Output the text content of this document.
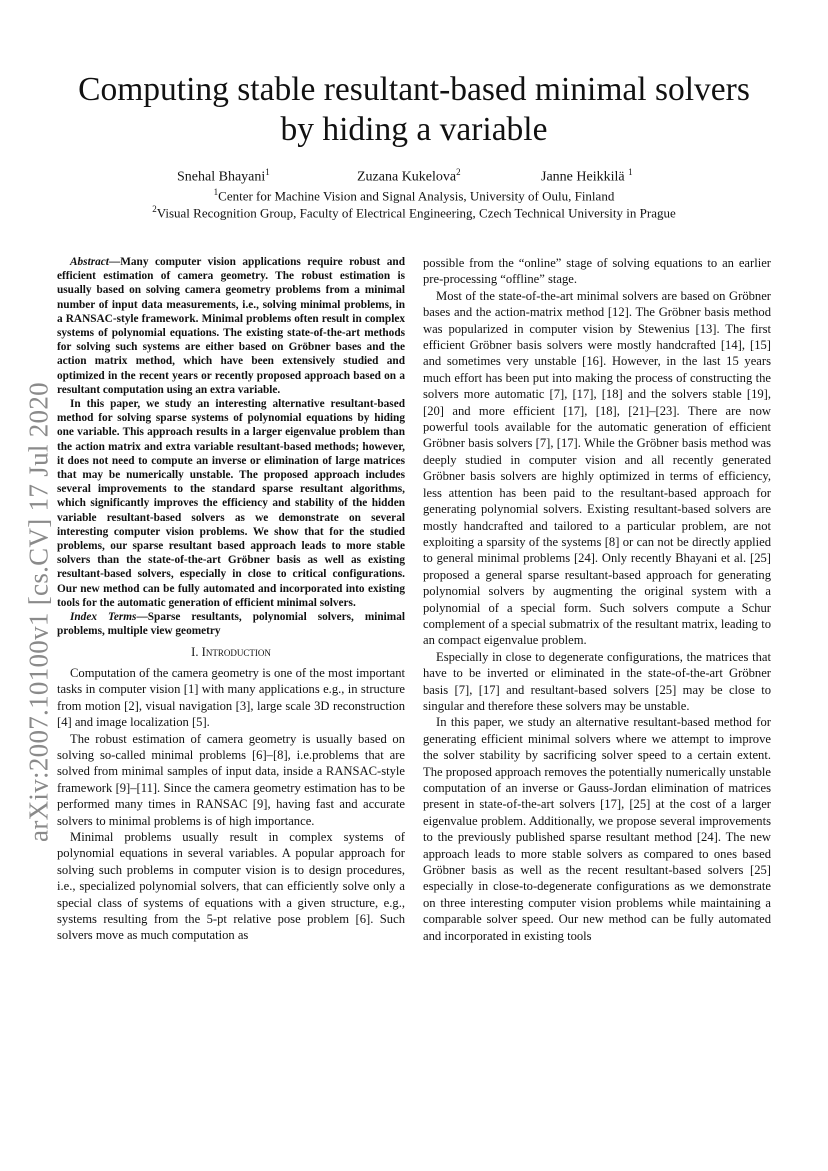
arXiv:2007.10100v1 [cs.CV] 17 Jul 2020
Computing stable resultant-based minimal solvers by hiding a variable
Snehal Bhayani$^1$	Zuzana Kukelova$^2$	Janne Heikkilä $^1$
$^1$Center for Machine Vision and Signal Analysis, University of Oulu, Finland
$^2$Visual Recognition Group, Faculty of Electrical Engineering, Czech Technical University in Prague

Abstract—Many computer vision applications require robust and efficient estimation of camera geometry. The robust estimation is usually based on solving camera geometry problems from a minimal number of input data measurements, i.e., solving minimal problems, in a RANSAC-style framework. Minimal problems often result in complex systems of polynomial equations. The existing state-of-the-art methods for solving such systems are either based on Gröbner bases and the action matrix method, which have been extensively studied and optimized in the recent years or recently proposed approach based on a resultant computation using an extra variable.

In this paper, we study an interesting alternative resultant-based method for solving sparse systems of polynomial equations by hiding one variable. This approach results in a larger eigenvalue problem than the action matrix and extra variable resultant-based methods; however, it does not need to compute an inverse or elimination of large matrices that may be numerically unstable. The proposed approach includes several improvements to the standard sparse resultant algorithms, which significantly improves the efficiency and stability of the hidden variable resultant-based solvers as we demonstrate on several interesting computer vision problems. We show that for the studied problems, our sparse resultant based approach leads to more stable solvers than the state-of-the-art Gröbner basis as well as existing resultant-based solvers, especially in close to critical configurations. Our new method can be fully automated and incorporated into existing tools for the automatic generation of efficient minimal solvers.

Index Terms—Sparse resultants, polynomial solvers, minimal problems, multiple view geometry

I. Introduction

Computation of the camera geometry is one of the most important tasks in computer vision [1] with many applications e.g., in structure from motion [2], visual navigation [3], large scale 3D reconstruction [4] and image localization [5].

The robust estimation of camera geometry is usually based on solving so-called minimal problems [6]–[8], i.e.problems that are solved from minimal samples of input data, inside a RANSAC-style framework [9]–[11]. Since the camera geometry estimation has to be performed many times in RANSAC [9], having fast and accurate solvers to minimal problems is of high importance.

Minimal problems usually result in complex systems of polynomial equations in several variables. A popular approach for solving such problems in computer vision is to design procedures, i.e., specialized polynomial solvers, that can efficiently solve only a special class of systems of equations with a given structure, e.g., systems resulting from the 5-pt relative pose problem [6]. Such solvers move as much computation as

possible from the “online” stage of solving equations to an earlier pre-processing “offline” stage.

Most of the state-of-the-art minimal solvers are based on Gröbner bases and the action-matrix method [12]. The Gröbner basis method was popularized in computer vision by Stewenius [13]. The first efficient Gröbner basis solvers were mostly handcrafted [14], [15] and sometimes very unstable [16]. However, in the last 15 years much effort has been put into making the process of constructing the solvers more automatic [7], [17], [18] and the solvers stable [19], [20] and more efficient [17], [18], [21]–[23]. There are now powerful tools available for the automatic generation of efficient Gröbner basis solvers [7], [17]. While the Gröbner basis method was deeply studied in computer vision and all recently generated Gröbner basis solvers are highly optimized in terms of efficiency, less attention has been paid to the resultant-based approach for generating polynomial solvers. Existing resultant-based solvers are mostly handcrafted and tailored to a particular problem, are not exploiting a sparsity of the systems [8] or can not be directly applied to general minimal problems [24]. Only recently Bhayani et al. [25] proposed a general sparse resultant-based approach for generating polynomial solvers by augmenting the original system with a polynomial of a special form. Such solvers compute a Schur complement of a special submatrix of the resultant matrix, leading to an compact eigenvalue problem.

Especially in close to degenerate configurations, the matrices that have to be inverted or eliminated in the state-of-the-art Gröbner basis [7], [17] and resultant-based solvers [25] may be close to singular and therefore these solvers may be unstable.

In this paper, we study an alternative resultant-based method for generating efficient minimal solvers where we attempt to improve the solver stability by sacrificing solver speed to a certain extent. The proposed approach removes the potentially numerically unstable computation of an inverse or Gauss-Jordan elimination of matrices present in state-of-the-art solvers [17], [25] at the cost of a larger eigenvalue problem. Additionally, we propose several improvements to the previously published sparse resultant method [24]. The new approach leads to more stable solvers as compared to ones based Gröbner basis as well as the recent resultant-based solvers [25] especially in close-to-degenerate configurations as we demonstrate on three interesting computer vision problems while maintaining a comparable solver speed. Our new method can be fully automated and incorporated in existing tools
